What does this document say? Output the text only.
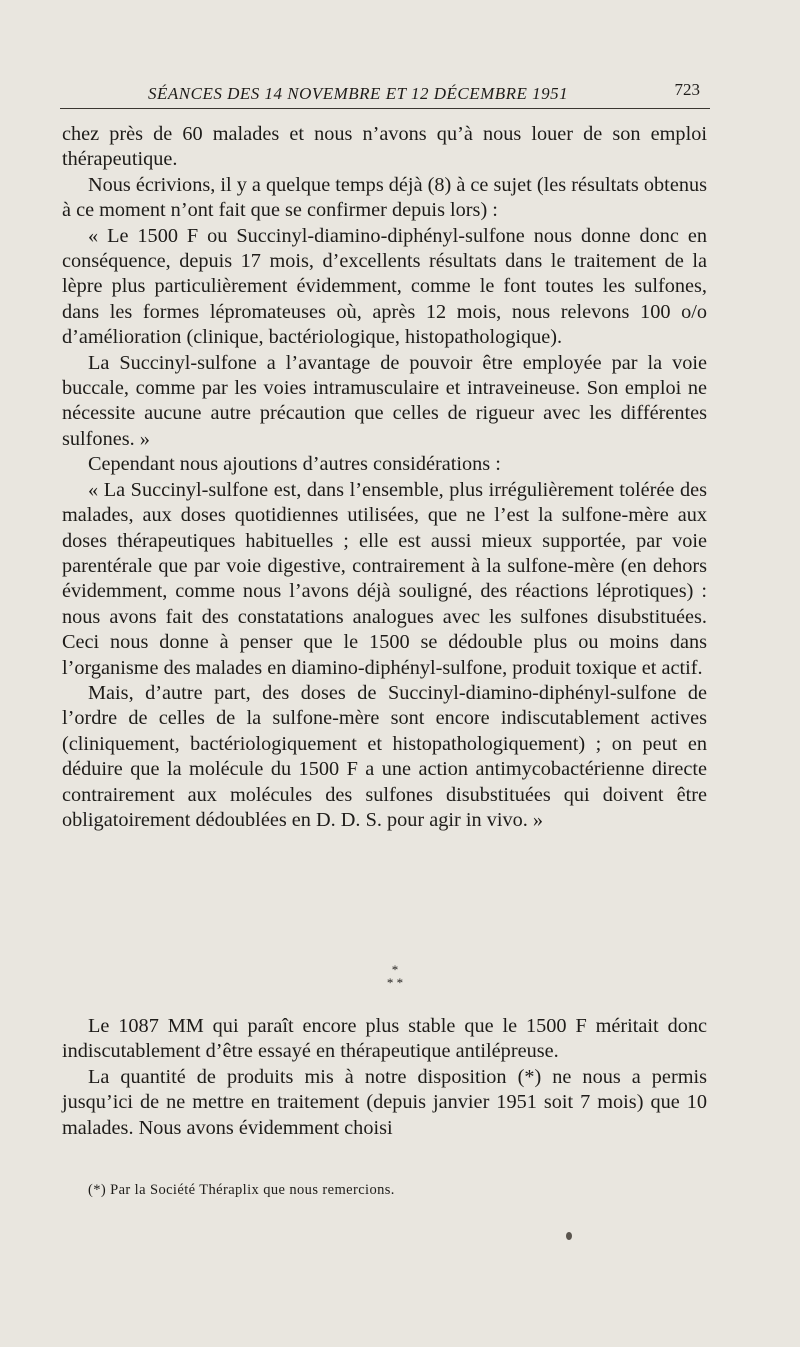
SÉANCES DES 14 NOVEMBRE ET 12 DÉCEMBRE 1951	723

chez près de 60 malades et nous n’avons qu’à nous louer de son emploi thérapeutique.

Nous écrivions, il y a quelque temps déjà (8) à ce sujet (les résultats obtenus à ce moment n’ont fait que se confirmer depuis lors) :

« Le 1500 F ou Succinyl-diamino-diphényl-sulfone nous donne donc en conséquence, depuis 17 mois, d’excellents résultats dans le traitement de la lèpre plus particulièrement évidemment, comme le font toutes les sulfones, dans les formes lépromateuses où, après 12 mois, nous relevons 100 o/o d’amélioration (clinique, bactériologique, histopathologique).

La Succinyl-sulfone a l’avantage de pouvoir être employée par la voie buccale, comme par les voies intramusculaire et intraveineuse. Son emploi ne nécessite aucune autre précaution que celles de rigueur avec les différentes sulfones. »

Cependant nous ajoutions d’autres considérations :

« La Succinyl-sulfone est, dans l’ensemble, plus irrégulièrement tolérée des malades, aux doses quotidiennes utilisées, que ne l’est la sulfone-mère aux doses thérapeutiques habituelles ; elle est aussi mieux supportée, par voie parentérale que par voie digestive, contrairement à la sulfone-mère (en dehors évidemment, comme nous l’avons déjà souligné, des réactions léprotiques) : nous avons fait des constatations analogues avec les sulfones disubstituées. Ceci nous donne à penser que le 1500 se dédouble plus ou moins dans l’organisme des malades en diamino-diphényl-sulfone, produit toxique et actif.

Mais, d’autre part, des doses de Succinyl-diamino-diphényl-sulfone de l’ordre de celles de la sulfone-mère sont encore indiscutablement actives (cliniquement, bactériologiquement et histopathologiquement) ; on peut en déduire que la molécule du 1500 F a une action antimycobactérienne directe contrairement aux molécules des sulfones disubstituées qui doivent être obligatoirement dédoublées en D. D. S. pour agir in vivo. »

*
* *

Le 1087 MM qui paraît encore plus stable que le 1500 F méritait donc indiscutablement d’être essayé en thérapeutique antilépreuse.

La quantité de produits mis à notre disposition (*) ne nous a permis jusqu’ici de ne mettre en traitement (depuis janvier 1951 soit 7 mois) que 10 malades. Nous avons évidemment choisi

(*) Par la Société Théraplix que nous remercions.
